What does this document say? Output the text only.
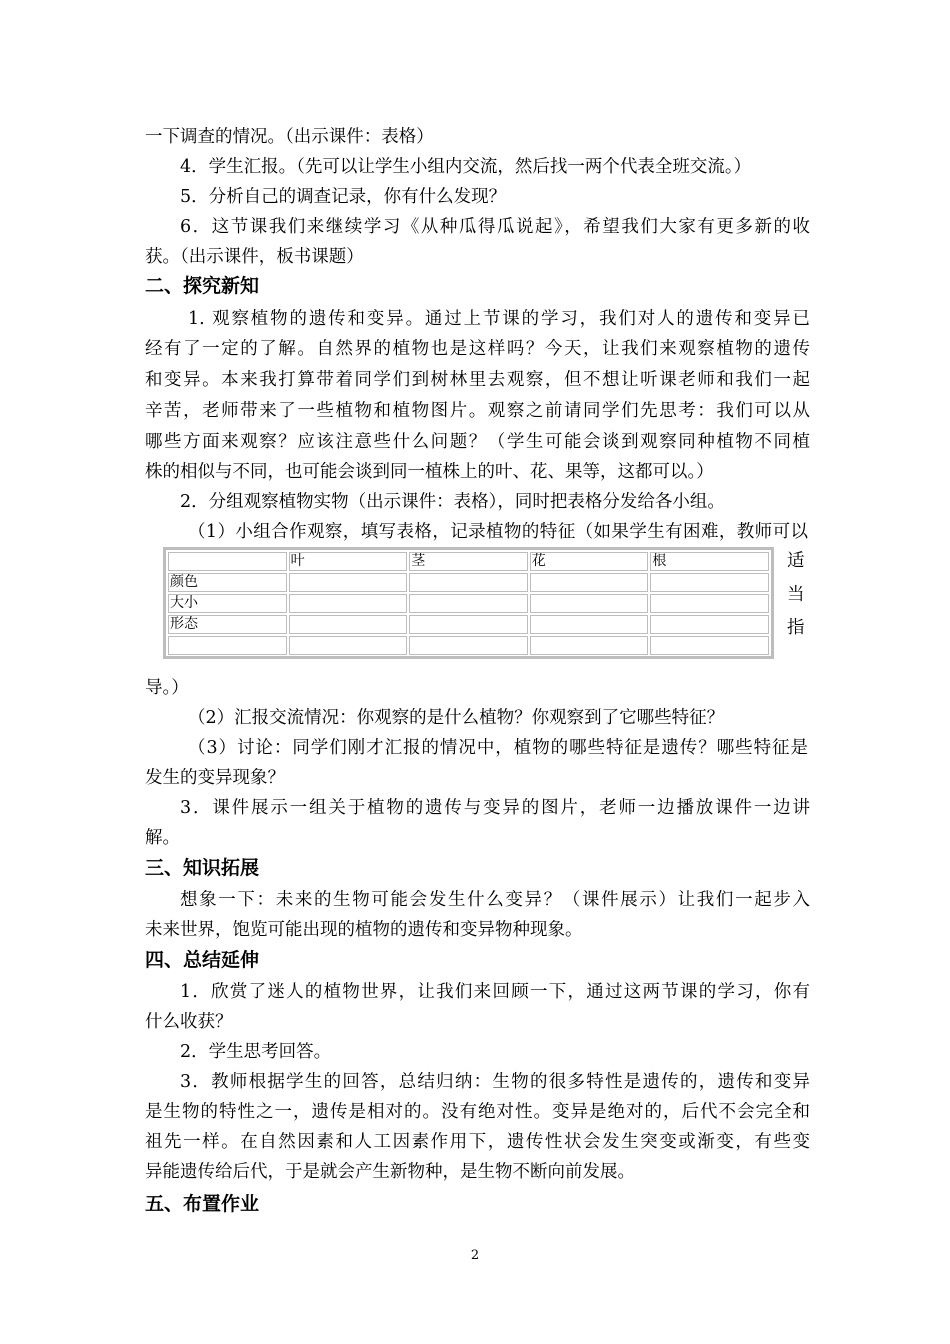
一下调查的情况。（出示课件：表格）
4．学生汇报。（先可以让学生小组内交流，然后找一两个代表全班交流。）
5．分析自己的调查记录，你有什么发现？
6．这节课我们来继续学习《从种瓜得瓜说起》，希望我们大家有更多新的收
获。（出示课件，板书课题）
二、探究新知
1. 观察植物的遗传和变异。通过上节课的学习，我们对人的遗传和变异已
经有了一定的了解。自然界的植物也是这样吗？今天，让我们来观察植物的遗传
和变异。本来我打算带着同学们到树林里去观察，但不想让听课老师和我们一起
辛苦，老师带来了一些植物和植物图片。观察之前请同学们先思考：我们可以从
哪些方面来观察？应该注意些什么问题？（学生可能会谈到观察同种植物不同植
株的相似与不同，也可能会谈到同一植株上的叶、花、果等，这都可以。）
2．分组观察植物实物（出示课件：表格），同时把表格分发给各小组。
（1）小组合作观察，填写表格，记录植物的特征（如果学生有困难，教师可以
	叶	茎	花	根
颜色				
大小				
形态				

适
当
指
导。）
（2）汇报交流情况：你观察的是什么植物？你观察到了它哪些特征？
（3）讨论：同学们刚才汇报的情况中，植物的哪些特征是遗传？哪些特征是
发生的变异现象？
3．课件展示一组关于植物的遗传与变异的图片，老师一边播放课件一边讲
解。
三、知识拓展
想象一下：未来的生物可能会发生什么变异？（课件展示）让我们一起步入
未来世界，饱览可能出现的植物的遗传和变异物种现象。
四、总结延伸
1．欣赏了迷人的植物世界，让我们来回顾一下，通过这两节课的学习，你有
什么收获？
2．学生思考回答。
3．教师根据学生的回答，总结归纳：生物的很多特性是遗传的，遗传和变异
是生物的特性之一，遗传是相对的。没有绝对性。变异是绝对的，后代不会完全和
祖先一样。在自然因素和人工因素作用下，遗传性状会发生突变或渐变，有些变
异能遗传给后代，于是就会产生新物种，是生物不断向前发展。
五、布置作业
2
